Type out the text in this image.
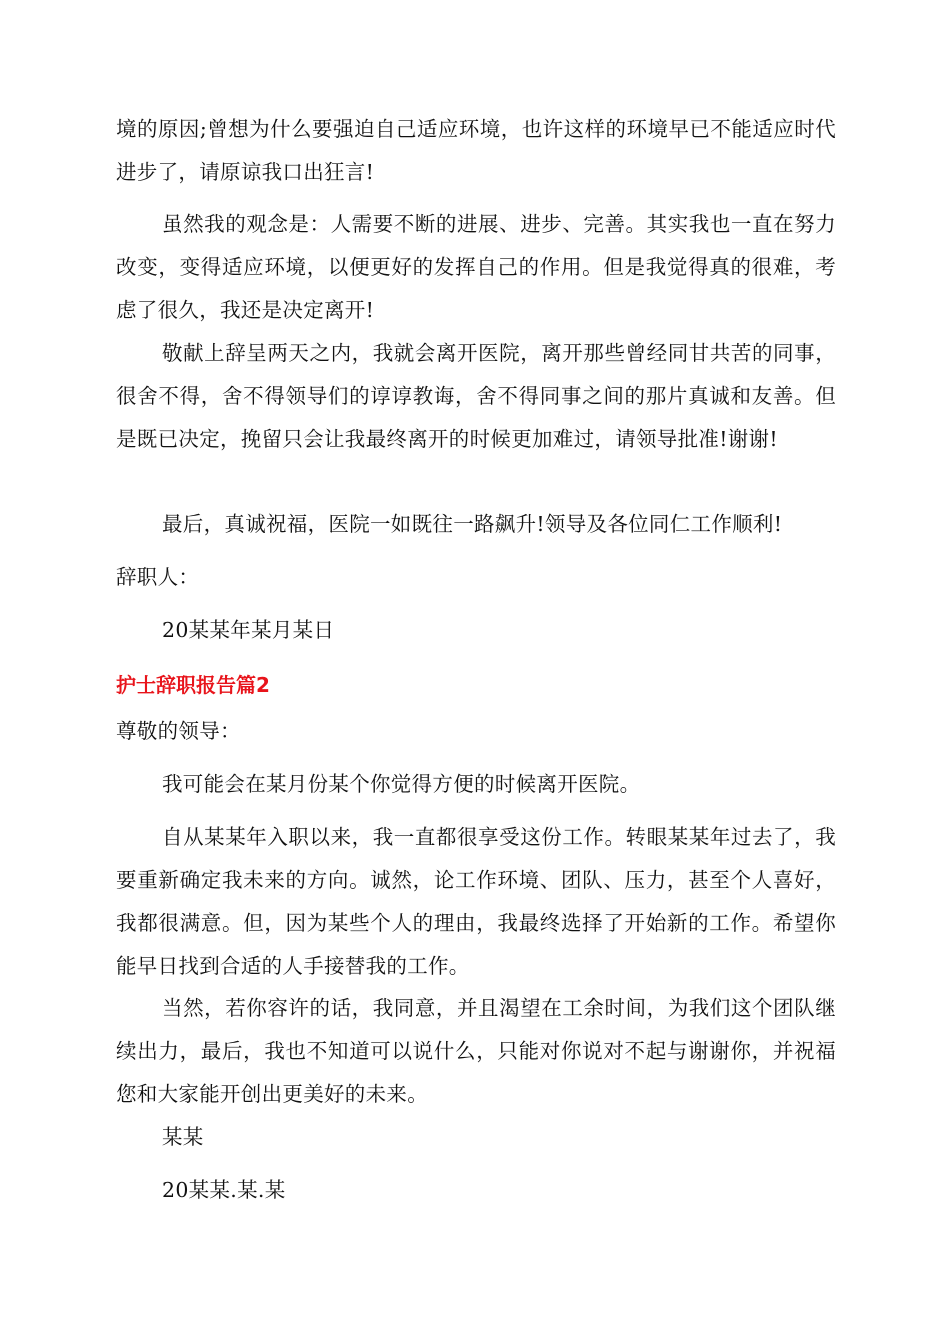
境的原因;曾想为什么要强迫自己适应环境，也许这样的环境早已不能适应时代进步了，请原谅我口出狂言!

虽然我的观念是：人需要不断的进展、进步、完善。其实我也一直在努力改变，变得适应环境，以便更好的发挥自己的作用。但是我觉得真的很难，考虑了很久，我还是决定离开!

敬献上辞呈两天之内，我就会离开医院，离开那些曾经同甘共苦的同事，很舍不得，舍不得领导们的谆谆教诲，舍不得同事之间的那片真诚和友善。但是既已决定，挽留只会让我最终离开的时候更加难过，请领导批准!谢谢!

最后，真诚祝福，医院一如既往一路飙升!领导及各位同仁工作顺利!

辞职人：

20某某年某月某日

护士辞职报告篇2

尊敬的领导：

我可能会在某月份某个你觉得方便的时候离开医院。

自从某某年入职以来，我一直都很享受这份工作。转眼某某年过去了，我要重新确定我未来的方向。诚然，论工作环境、团队、压力，甚至个人喜好，我都很满意。但，因为某些个人的理由，我最终选择了开始新的工作。希望你能早日找到合适的人手接替我的工作。

当然，若你容许的话，我同意，并且渴望在工余时间，为我们这个团队继续出力，最后，我也不知道可以说什么，只能对你说对不起与谢谢你，并祝福您和大家能开创出更美好的未来。

某某

20某某.某.某
